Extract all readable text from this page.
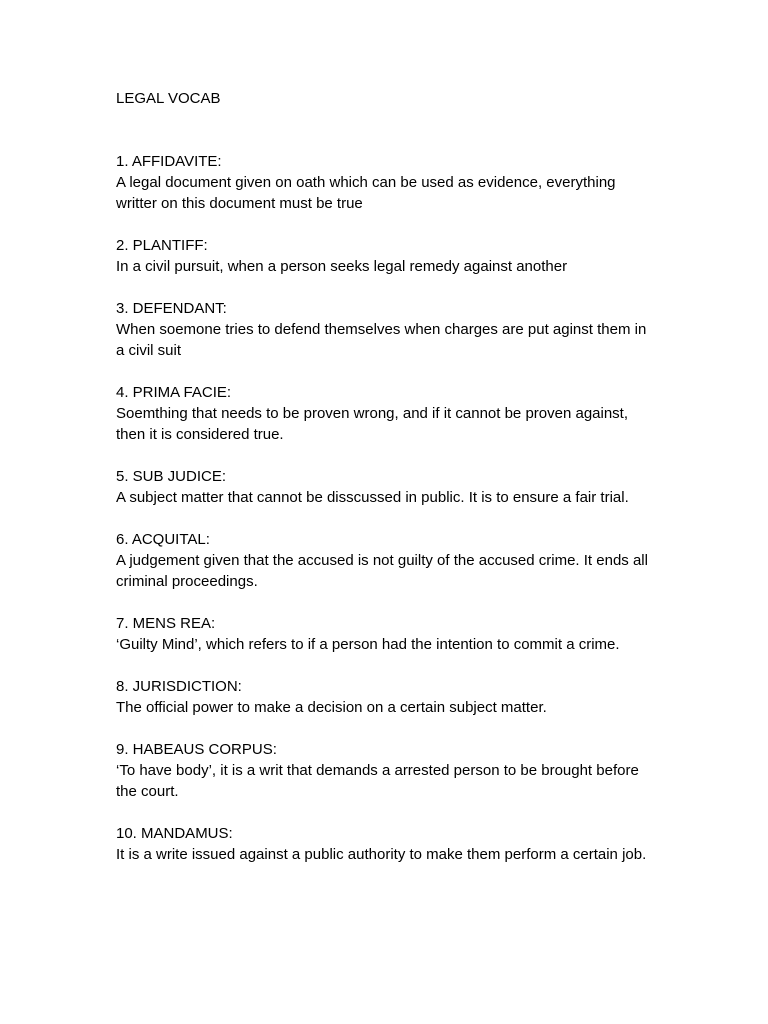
LEGAL VOCAB
1. AFFIDAVITE:
A legal document given on oath which can be used as evidence, everything writter on this document must be true
2. PLANTIFF:
In a civil pursuit, when a person seeks legal remedy against another
3. DEFENDANT:
When soemone tries to defend themselves when charges are put aginst them in a civil suit
4. PRIMA FACIE:
Soemthing that needs to be proven wrong, and if it cannot be proven against, then it is considered true.
5. SUB JUDICE:
A subject matter that cannot be disscussed in public. It is to ensure a fair trial.
6. ACQUITAL:
A judgement given that the accused is not guilty of the accused crime. It ends all criminal proceedings.
7. MENS REA:
‘Guilty Mind’, which refers to if a person had the intention to commit a crime.
8. JURISDICTION:
The official power to make a decision on a certain subject matter.
9. HABEAUS CORPUS:
‘To have body’, it is a writ that demands a arrested person to be brought before the court.
10. MANDAMUS:
It is a write issued against a public authority to make them perform a certain job.
